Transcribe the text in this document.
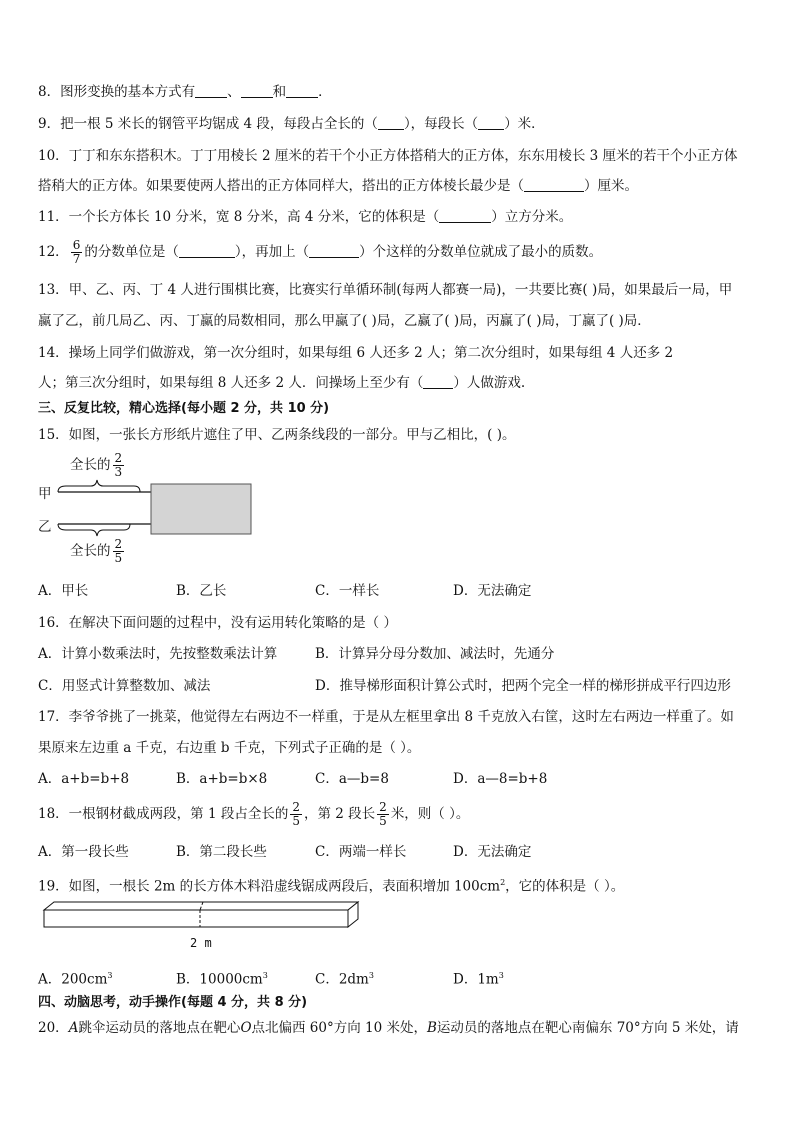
8．图形变换的基本方式有 、 和 ．
9．把一根 5 米长的钢管平均锯成 4 段，每段占全长的（ ），每段长（ ）米．
10．丁丁和东东搭积木。丁丁用棱长 2 厘米的若干个小正方体搭稍大的正方体，东东用棱长 3 厘米的若干个小正方体
搭稍大的正方体。如果要使两人搭出的正方体同样大，搭出的正方体棱长最少是（	）厘米。
11．一个长方体长 10 分米，宽 8 分米，高 4 分米，它的体积是（	）立方分米。
12． $\frac{6}{7}$ 的分数单位是（	），再加上（	）个这样的分数单位就成了最小的质数。
13．甲、乙、丙、丁 4 人进行围棋比赛，比赛实行单循环制(每两人都赛一局)，一共要比赛( )局，如果最后一局，甲
赢了乙，前几局乙、丙、丁赢的局数相同，那么甲赢了( )局，乙赢了( )局，丙赢了( )局，丁赢了( )局．
14．操场上同学们做游戏，第一次分组时，如果每组 6 人还多 2 人；第二次分组时，如果每组 4 人还多 2
人；第三次分组时，如果每组 8 人还多 2 人．问操场上至少有（ ）人做游戏.
三、反复比较，精心选择(每小题 2 分，共 10 分)
15．如图，一张长方形纸片遮住了甲、乙两条线段的一部分。甲与乙相比，( )。
甲
乙
全长的 $\frac{2}{3}$
全长的 $\frac{2}{5}$
A．甲长	B．乙长	C．一样长	D．无法确定
16．在解决下面问题的过程中，没有运用转化策略的是（ ）
A．计算小数乘法时，先按整数乘法计算	B．计算异分母分数加、减法时，先通分
C．用竖式计算整数加、减法	D．推导梯形面积计算公式时，把两个完全一样的梯形拼成平行四边形
17．李爷爷挑了一挑菜，他觉得左右两边不一样重，于是从左框里拿出 8 千克放入右筐，这时左右两边一样重了。如
果原来左边重 a 千克，右边重 b 千克，下列式子正确的是（ ）。
A．a+b=b+8	B．a+b=b×8	C．a—b=8	D．a—8=b+8
18．一根钢材截成两段，第 1 段占全长的 $\frac{2}{5}$ ，第 2 段长 $\frac{2}{5}$ 米，则（ ）。
A．第一段长些	B．第二段长些	C．两端一样长	D．无法确定
19．如图，一根长 2m 的长方体木料沿虚线锯成两段后，表面积增加 $100cm^2$，它的体积是（ ）。
2 m
A．$200cm^3$	B．$10000cm^3$	C．$2dm^3$	D．$1m^3$
四、动脑思考，动手操作(每题 4 分，共 8 分)
20．A跳伞运动员的落地点在靶心O点北偏西 60°方向 10 米处，B运动员的落地点在靶心南偏东 70°方向 5 米处，请
